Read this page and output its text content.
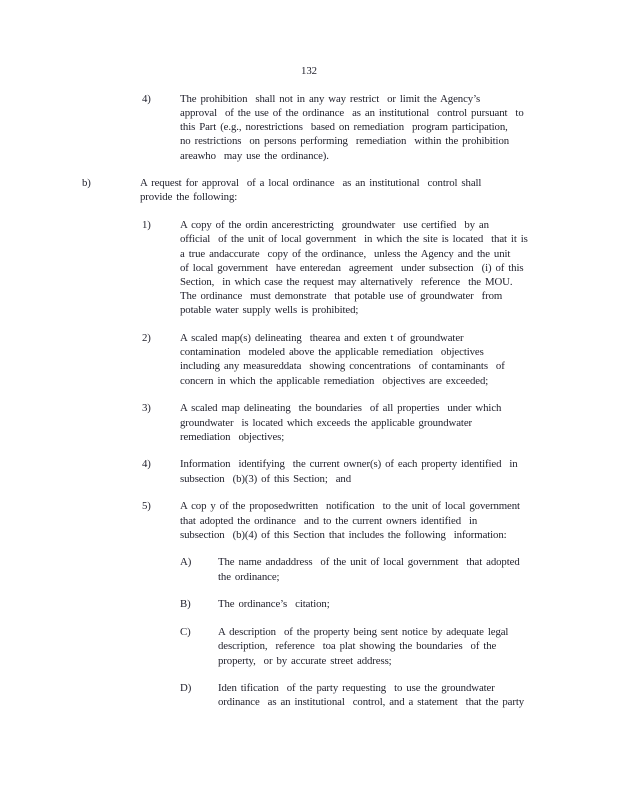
132
4)	The prohibition  shall not in any way restrict  or limit the Agency’s
approval  of the use of the ordinance  as an institutional  control pursuant  to
this Part (e.g., norestrictions  based on remediation  program participation,
no restrictions  on persons performing  remediation  within the prohibition
areawho  may use the ordinance).
b)	A request for approval  of a local ordinance  as an institutional  control shall
provide the following:
1)	A copy of the ordin ancerestricting  groundwater  use certified  by an
official  of the unit of local government  in which the site is located  that it is
a true andaccurate  copy of the ordinance,  unless the Agency and the unit
of local government  have enteredan  agreement  under subsection  (i) of this
Section,  in which case the request may alternatively  reference  the MOU.
The ordinance  must demonstrate  that potable use of groundwater  from
potable water supply wells is prohibited;
2)	A scaled map(s) delineating  thearea and exten t of groundwater
contamination  modeled above the applicable remediation  objectives
including any measureddata  showing concentrations  of contaminants  of
concern in which the applicable remediation  objectives are exceeded;
3)	A scaled map delineating  the boundaries  of all properties  under which
groundwater  is located which exceeds the applicable groundwater
remediation  objectives;
4)	Information  identifying  the current owner(s) of each property identified  in
subsection  (b)(3) of this Section;  and
5)	A cop y of the proposedwritten  notification  to the unit of local government
that adopted the ordinance  and to the current owners identified  in
subsection  (b)(4) of this Section that includes the following  information:
A)	The name andaddress  of the unit of local government  that adopted
the ordinance;
B)	The ordinance’s  citation;
C)	A description  of the property being sent notice by adequate legal
description,  reference  toa plat showing the boundaries  of the
property,  or by accurate street address;
D)	Iden tification  of the party requesting  to use the groundwater
ordinance  as an institutional  control, and a statement  that the party
